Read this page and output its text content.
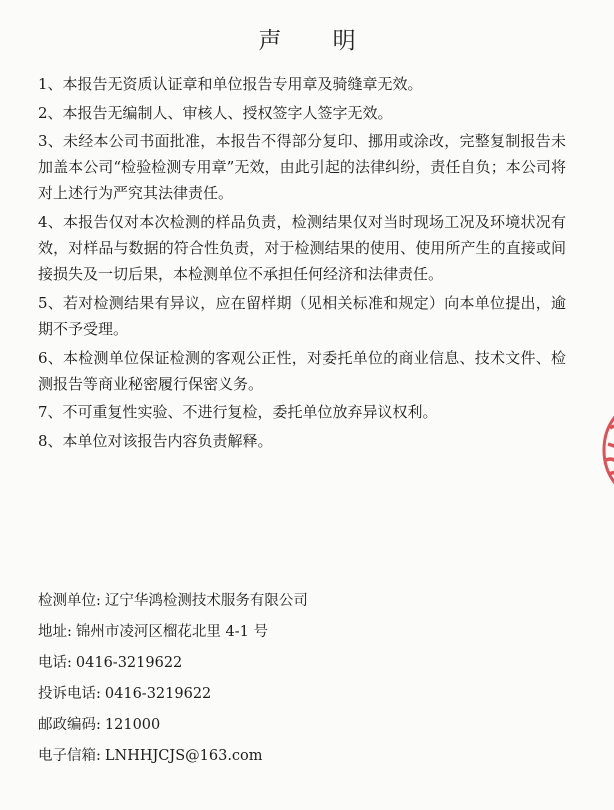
声 明

1、本报告无资质认证章和单位报告专用章及骑缝章无效。

2、本报告无编制人、审核人、授权签字人签字无效。

3、未经本公司书面批准，本报告不得部分复印、挪用或涂改，完整复制报告未加盖本公司“检验检测专用章”无效，由此引起的法律纠纷，责任自负；本公司将对上述行为严究其法律责任。

4、本报告仅对本次检测的样品负责，检测结果仅对当时现场工况及环境状况有效，对样品与数据的符合性负责，对于检测结果的使用、使用所产生的直接或间接损失及一切后果，本检测单位不承担任何经济和法律责任。

5、若对检测结果有异议，应在留样期（见相关标准和规定）向本单位提出，逾期不予受理。

6、本检测单位保证检测的客观公正性，对委托单位的商业信息、技术文件、检测报告等商业秘密履行保密义务。

7、不可重复性实验、不进行复检，委托单位放弃异议权利。

8、本单位对该报告内容负责解释。

检测单位: 辽宁华鸿检测技术服务有限公司
地址: 锦州市凌河区榴花北里 4-1 号
电话: 0416-3219622
投诉电话: 0416-3219622
邮政编码: 121000
电子信箱: LNHHJCJS@163.com
